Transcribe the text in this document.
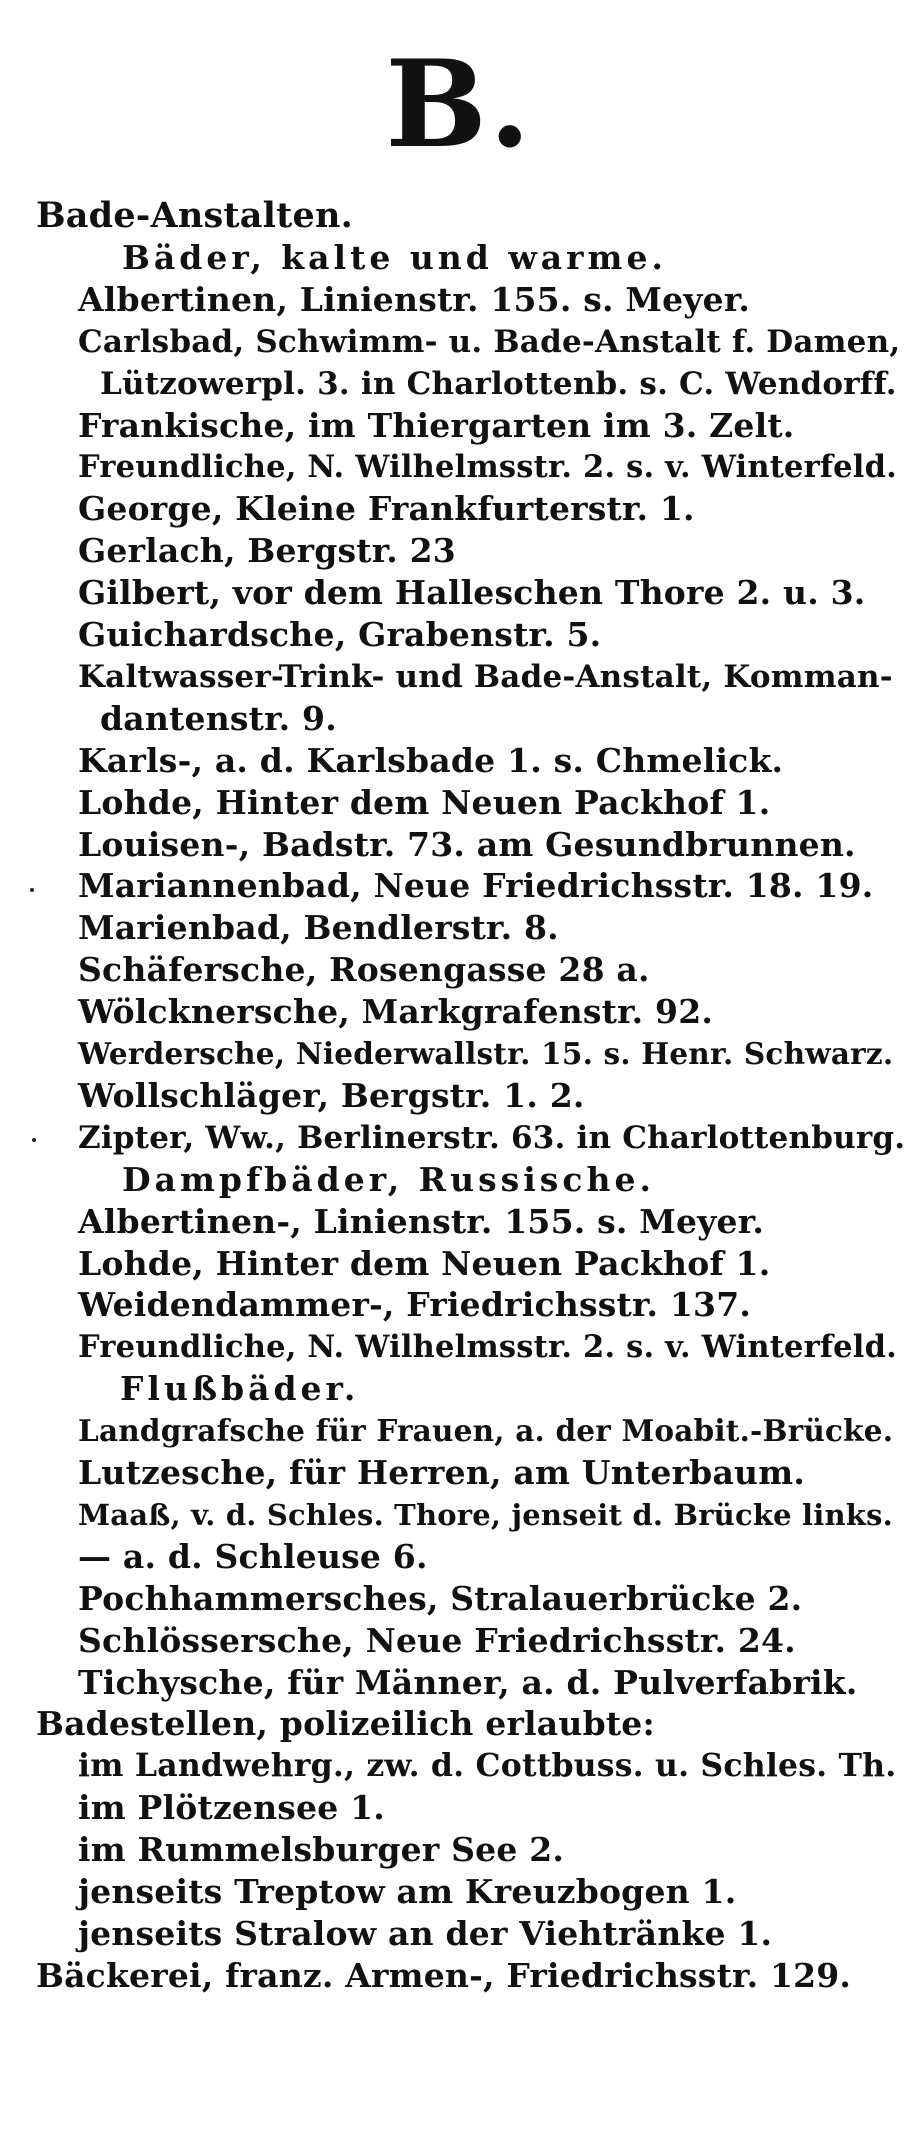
B.
Bade-Anstalten.
Bäder, kalte und warme.
Albertinen, Linienstr. 155. s. Meyer.
Carlsbad, Schwimm- u. Bade-Anstalt f. Damen,
Lützowerpl. 3. in Charlottenb. s. C. Wendorff.
Frankische, im Thiergarten im 3. Zelt.
Freundliche, N. Wilhelmsstr. 2. s. v. Winterfeld.
George, Kleine Frankfurterstr. 1.
Gerlach, Bergstr. 23
Gilbert, vor dem Halleschen Thore 2. u. 3.
Guichardsche, Grabenstr. 5.
Kaltwasser-Trink- und Bade-Anstalt, Komman-
dantenstr. 9.
Karls-, a. d. Karlsbade 1. s. Chmelick.
Lohde, Hinter dem Neuen Packhof 1.
Louisen-, Badstr. 73. am Gesundbrunnen.
Mariannenbad, Neue Friedrichsstr. 18. 19.
Marienbad, Bendlerstr. 8.
Schäfersche, Rosengasse 28 a.
Wölcknersche, Markgrafenstr. 92.
Werdersche, Niederwallstr. 15. s. Henr. Schwarz.
Wollschläger, Bergstr. 1. 2.
Zipter, Ww., Berlinerstr. 63. in Charlottenburg.
Dampfbäder, Russische.
Albertinen-, Linienstr. 155. s. Meyer.
Lohde, Hinter dem Neuen Packhof 1.
Weidendammer-, Friedrichsstr. 137.
Freundliche, N. Wilhelmsstr. 2. s. v. Winterfeld.
Flußbäder.
Landgrafsche für Frauen, a. der Moabit.-Brücke.
Lutzesche, für Herren, am Unterbaum.
Maaß, v. d. Schles. Thore, jenseit d. Brücke links.
— a. d. Schleuse 6.
Pochhammersches, Stralauerbrücke 2.
Schlössersche, Neue Friedrichsstr. 24.
Tichysche, für Männer, a. d. Pulverfabrik.
Badestellen, polizeilich erlaubte:
im Landwehrg., zw. d. Cottbuss. u. Schles. Th.
im Plötzensee 1.
im Rummelsburger See 2.
jenseits Treptow am Kreuzbogen 1.
jenseits Stralow an der Viehtränke 1.
Bäckerei, franz. Armen-, Friedrichsstr. 129.
